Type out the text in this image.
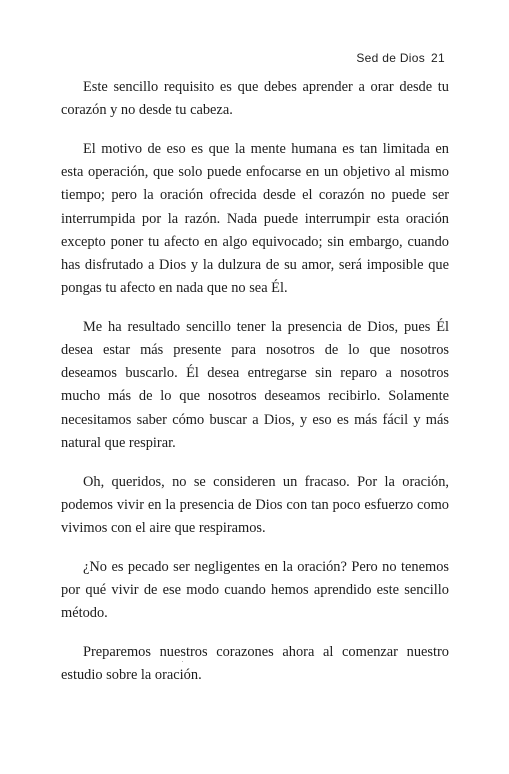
Sed de Dios 21

Este sencillo requisito es que debes aprender a orar desde tu corazón y no desde tu cabeza.

El motivo de eso es que la mente humana es tan limitada en esta operación, que solo puede enfocarse en un objetivo al mismo tiempo; pero la oración ofrecida desde el corazón no puede ser interrumpida por la razón. Nada puede interrumpir esta oración excepto poner tu afecto en algo equivocado; sin embargo, cuando has disfrutado a Dios y la dulzura de su amor, será imposible que pongas tu afecto en nada que no sea Él.

Me ha resultado sencillo tener la presencia de Dios, pues Él desea estar más presente para nosotros de lo que nosotros deseamos buscarlo. Él desea entregarse sin reparo a nosotros mucho más de lo que nosotros deseamos recibirlo. Solamente necesitamos saber cómo buscar a Dios, y eso es más fácil y más natural que respirar.

Oh, queridos, no se consideren un fracaso. Por la oración, podemos vivir en la presencia de Dios con tan poco esfuerzo como vivimos con el aire que respiramos.

¿No es pecado ser negligentes en la oración? Pero no tenemos por qué vivir de ese modo cuando hemos aprendido este sencillo método.

Preparemos nuestros corazones ahora al comenzar nuestro estudio sobre la oración.
